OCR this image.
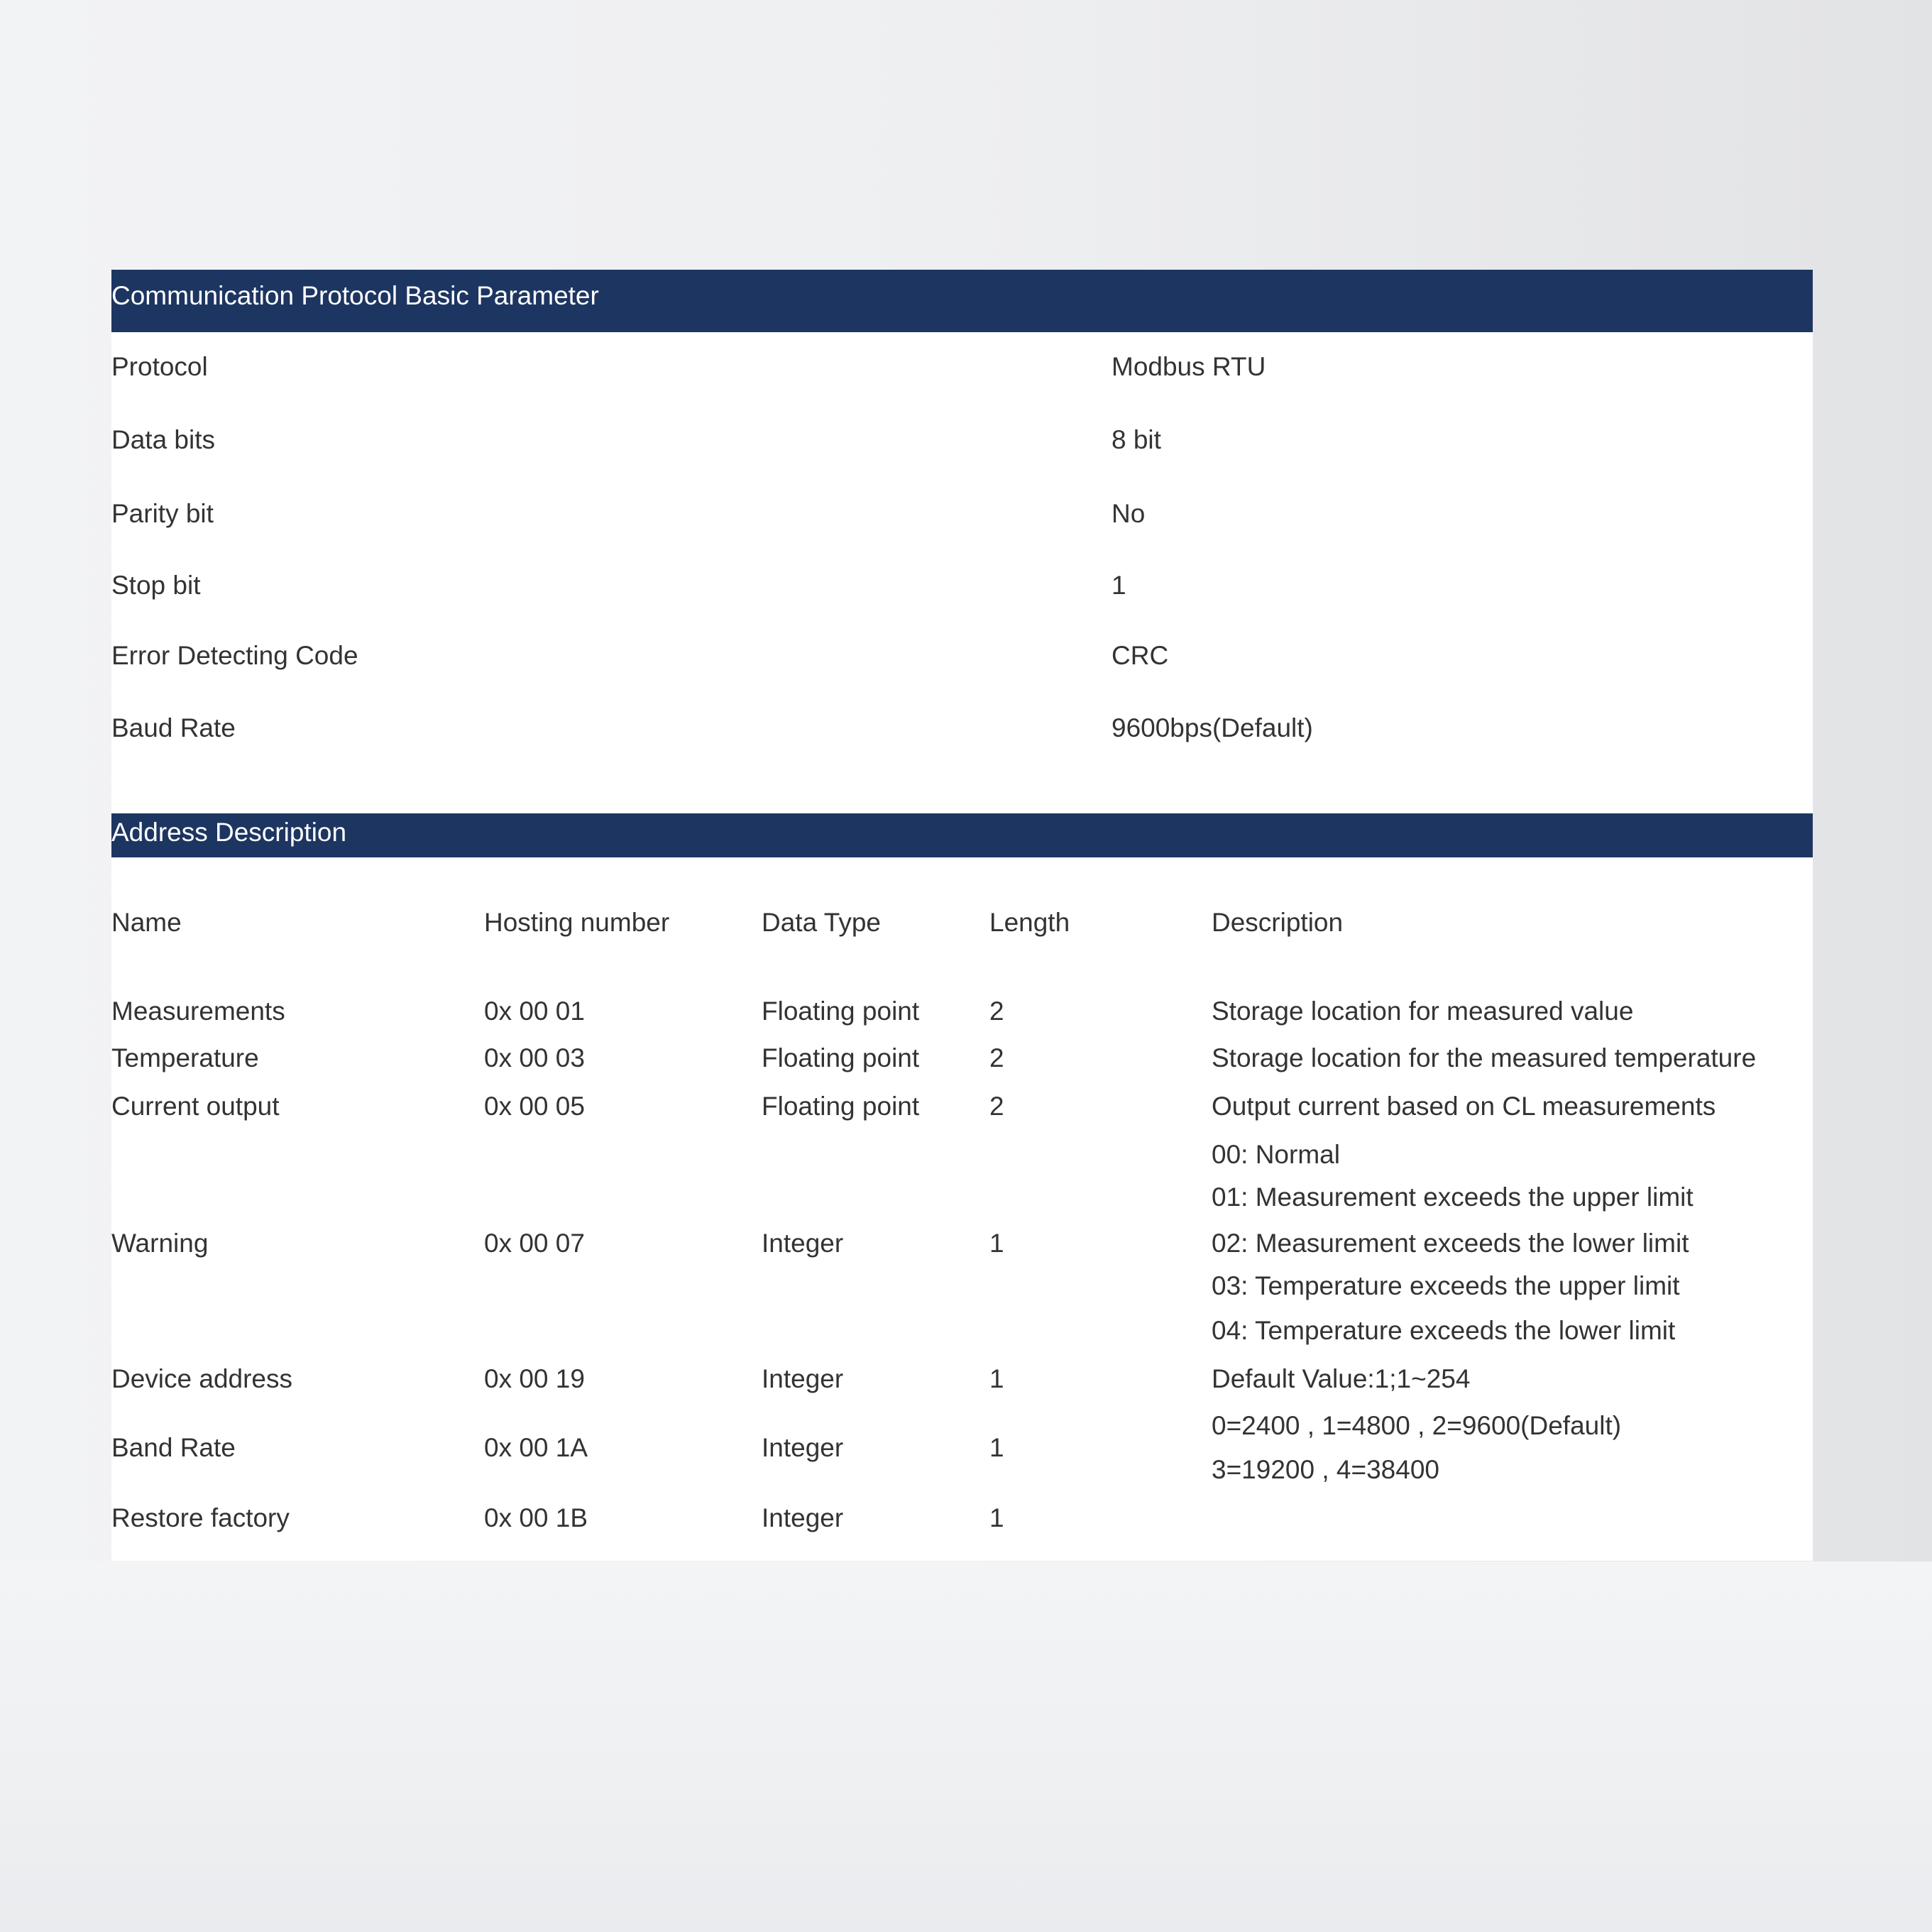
Communication Protocol Basic Parameter
Protocol	Modbus RTU
Data bits	8 bit
Parity bit	No
Stop bit	1
Error Detecting Code	CRC
Baud Rate	9600bps(Default)
Address Description
Name	Hosting number	Data Type	Length	Description
Measurements	0x 00 01	Floating point	2	Storage location for measured value
Temperature	0x 00 03	Floating point	2	Storage location for the measured temperature
Current output	0x 00 05	Floating point	2	Output current based on CL measurements
Warning	0x 00 07	Integer	1
00: Normal
01: Measurement exceeds the upper limit
02: Measurement exceeds the lower limit
03: Temperature exceeds the upper limit
04: Temperature exceeds the lower limit
Device address	0x 00 19	Integer	1	Default Value:1;1~254
Band Rate	0x 00 1A	Integer	1
0=2400 , 1=4800 , 2=9600(Default)
3=19200 , 4=38400
Restore factory	0x 00 1B	Integer	1
